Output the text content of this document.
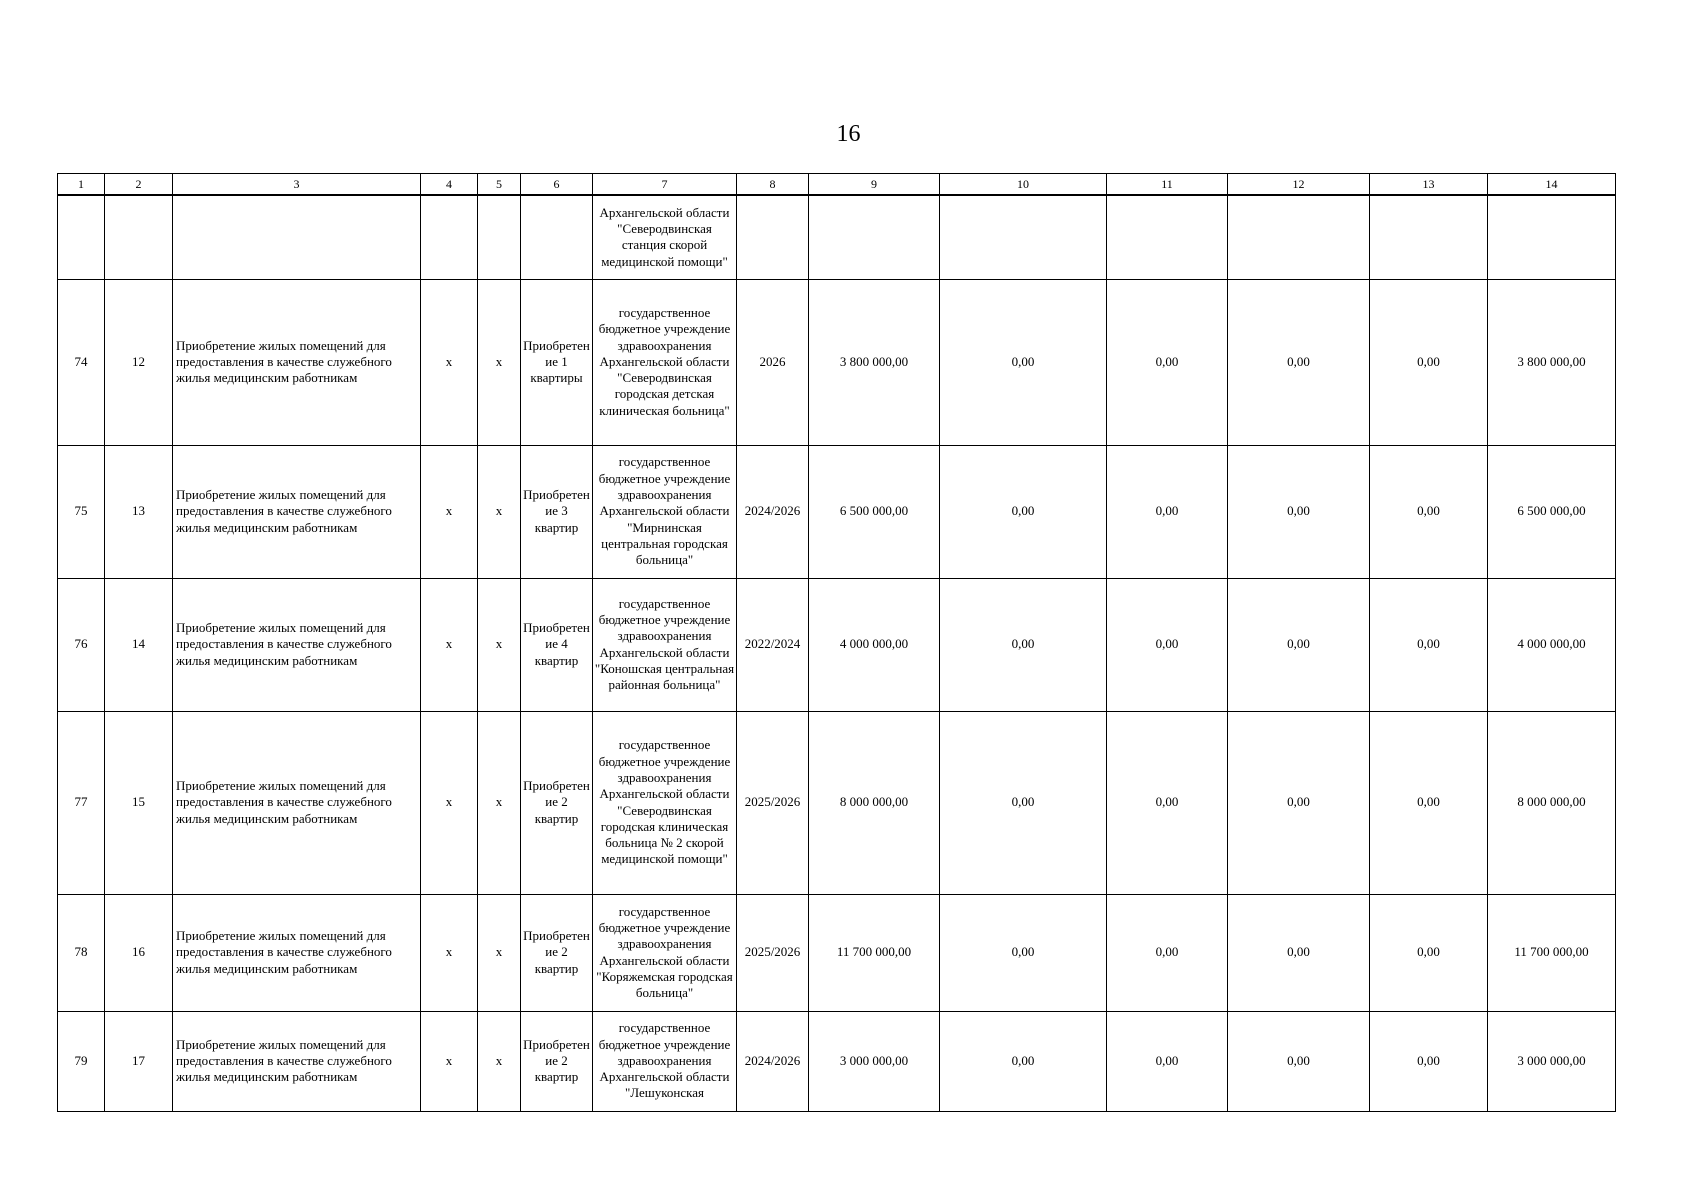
16
1	2	3	4	5	6	7	8	9	10	11	12	13	14
						Архангельской области "Северодвинская станция скорой медицинской помощи"							
74	12	Приобретение жилых помещений для предоставления в качестве служебного жилья медицинским работникам	х	х	Приобретение 1 квартиры	государственное бюджетное учреждение здравоохранения Архангельской области "Северодвинская городская детская клиническая больница"	2026	3 800 000,00	0,00	0,00	0,00	0,00	3 800 000,00
75	13	Приобретение жилых помещений для предоставления в качестве служебного жилья медицинским работникам	х	х	Приобретение 3 квартир	государственное бюджетное учреждение здравоохранения Архангельской области "Мирнинская центральная городская больница"	2024/2026	6 500 000,00	0,00	0,00	0,00	0,00	6 500 000,00
76	14	Приобретение жилых помещений для предоставления в качестве служебного жилья медицинским работникам	х	х	Приобретение 4 квартир	государственное бюджетное учреждение здравоохранения Архангельской области "Коношская центральная районная больница"	2022/2024	4 000 000,00	0,00	0,00	0,00	0,00	4 000 000,00
77	15	Приобретение жилых помещений для предоставления в качестве служебного жилья медицинским работникам	х	х	Приобретение 2 квартир	государственное бюджетное учреждение здравоохранения Архангельской области "Северодвинская городская клиническая больница № 2 скорой медицинской помощи"	2025/2026	8 000 000,00	0,00	0,00	0,00	0,00	8 000 000,00
78	16	Приобретение жилых помещений для предоставления в качестве служебного жилья медицинским работникам	х	х	Приобретение 2 квартир	государственное бюджетное учреждение здравоохранения Архангельской области "Коряжемская городская больница"	2025/2026	11 700 000,00	0,00	0,00	0,00	0,00	11 700 000,00
79	17	Приобретение жилых помещений для предоставления в качестве служебного жилья медицинским работникам	х	х	Приобретение 2 квартир	государственное бюджетное учреждение здравоохранения Архангельской области "Лешуконская	2024/2026	3 000 000,00	0,00	0,00	0,00	0,00	3 000 000,00
